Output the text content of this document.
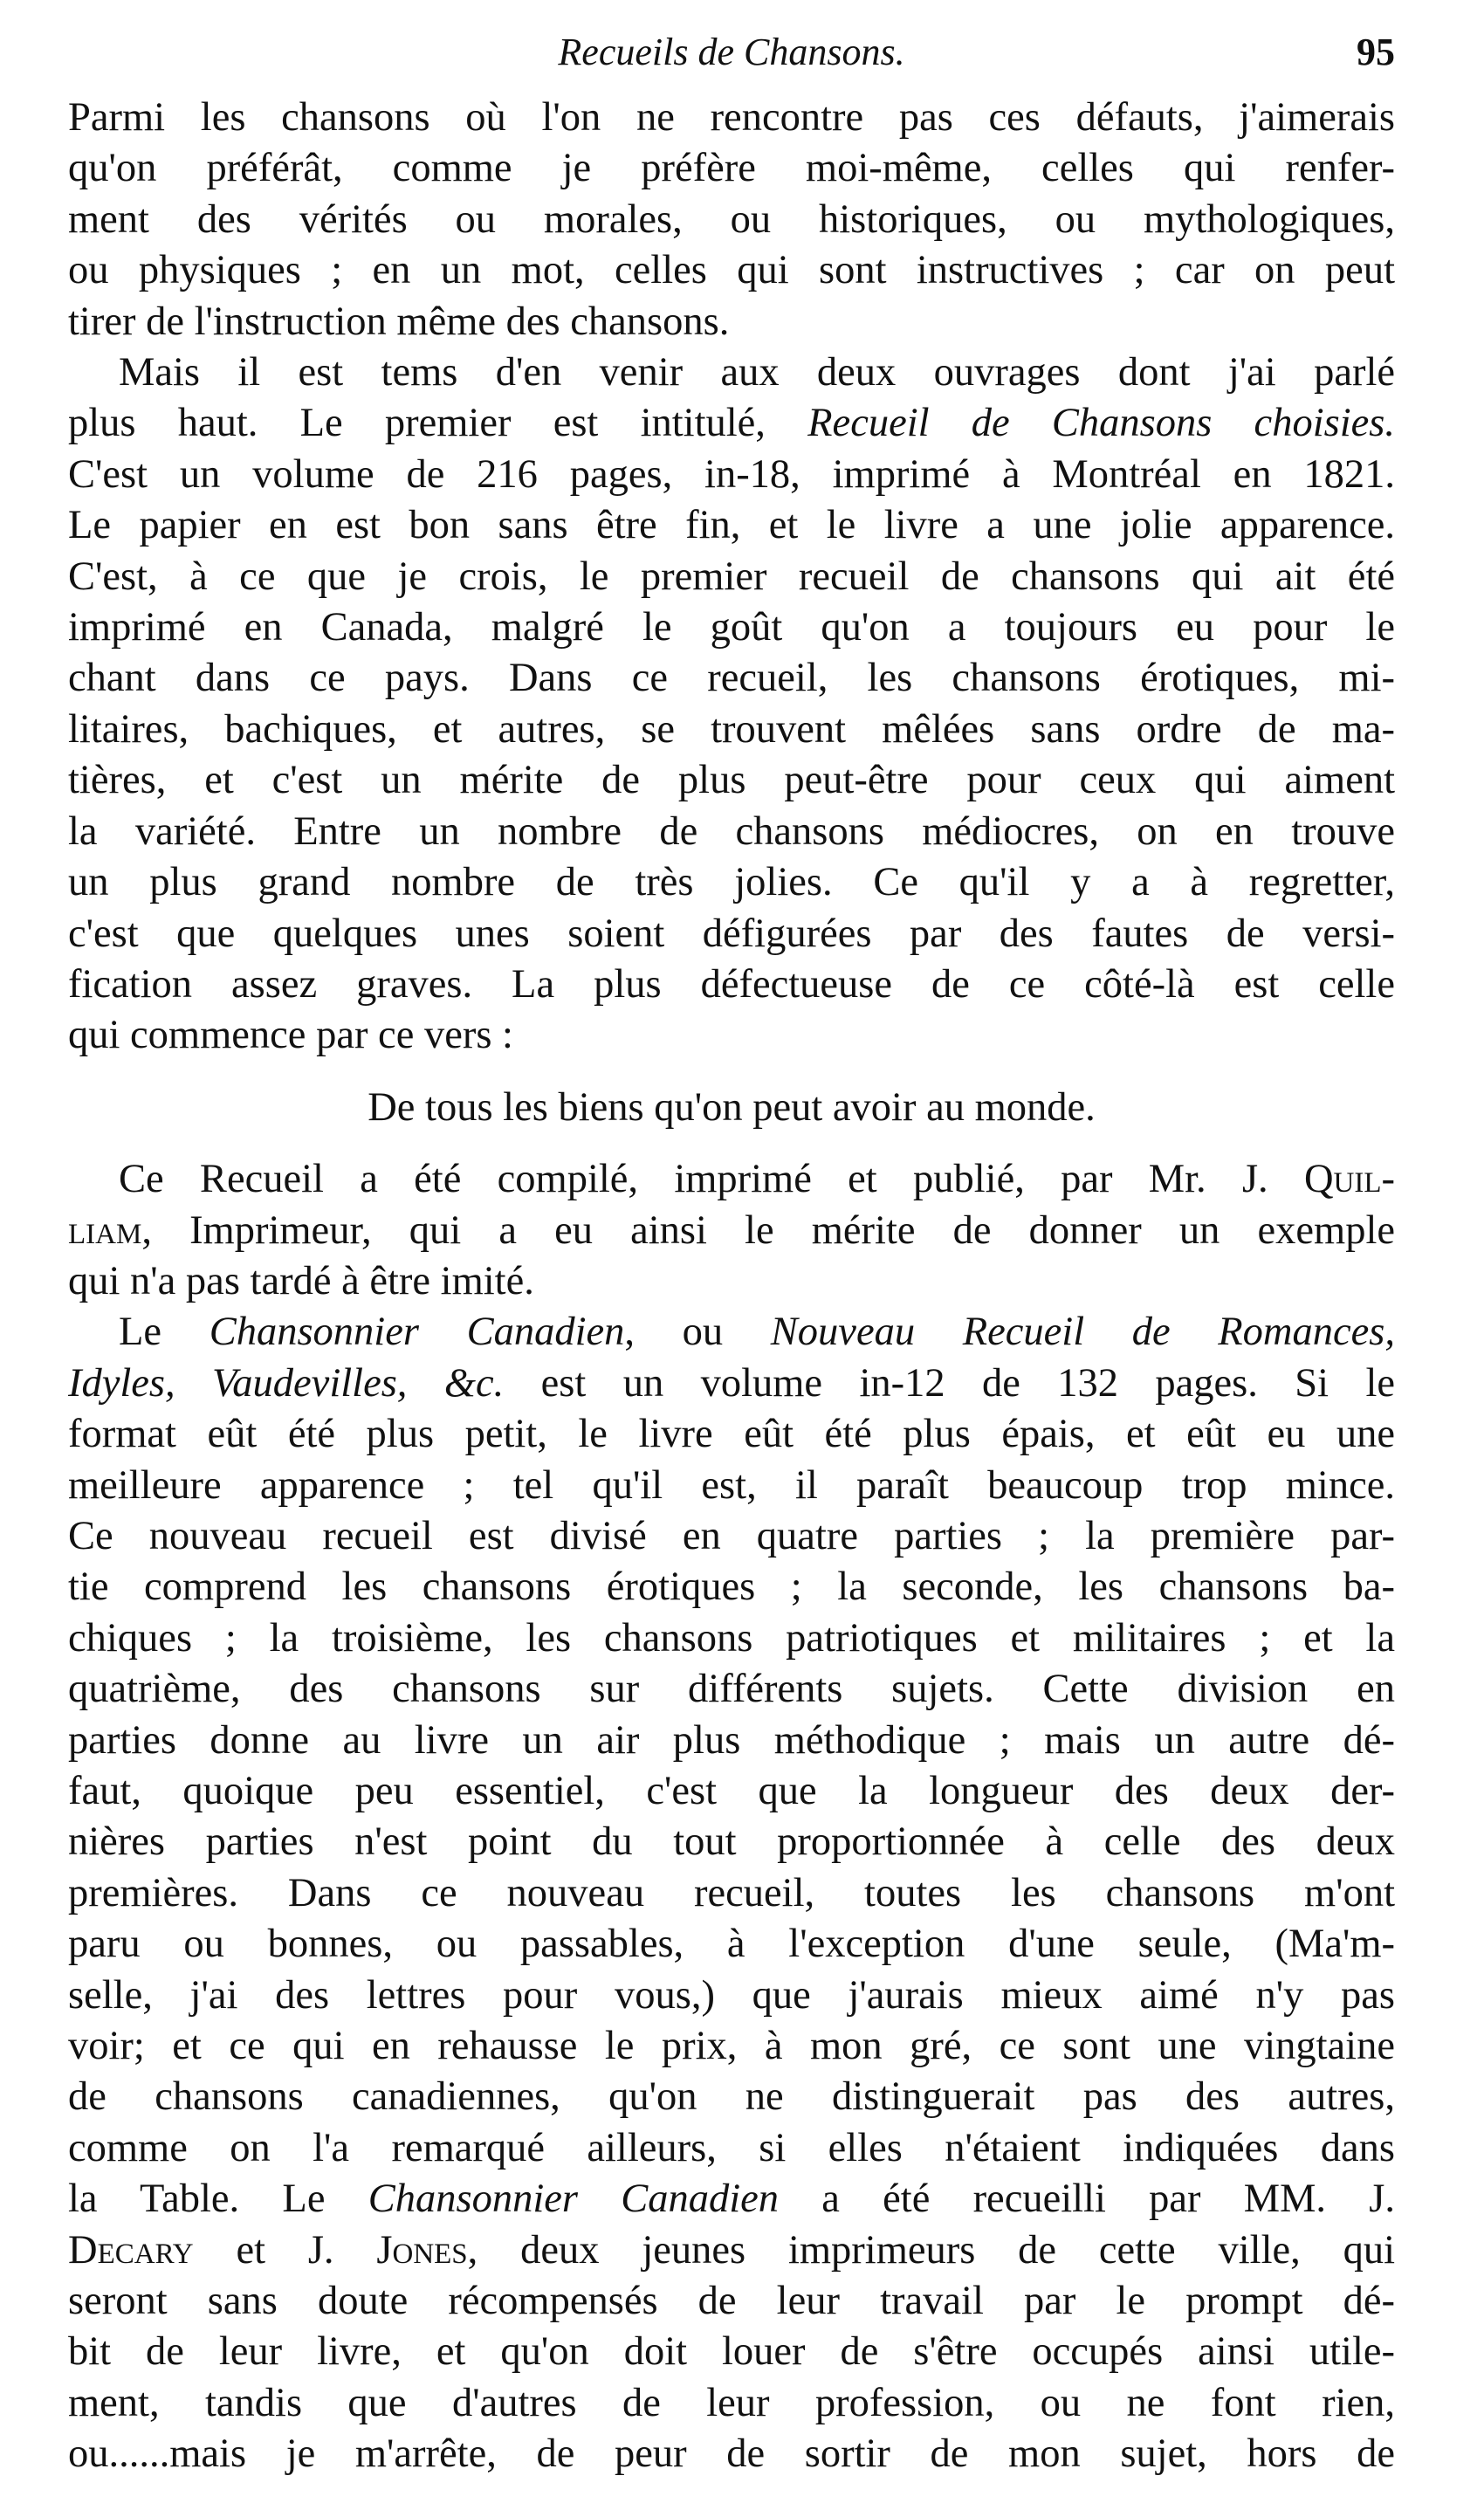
Recueils de Chansons.	95
Parmi les chansons où l'on ne rencontre pas ces défauts, j'aimerais
qu'on préférât, comme je préfère moi-même, celles qui renfer-
ment des vérités ou morales, ou historiques, ou mythologiques,
ou physiques ; en un mot, celles qui sont instructives ; car on peut
tirer de l'instruction même des chansons.
Mais il est tems d'en venir aux deux ouvrages dont j'ai parlé
plus haut. Le premier est intitulé, Recueil de Chansons choisies.
C'est un volume de 216 pages, in-18, imprimé à Montréal en 1821.
Le papier en est bon sans être fin, et le livre a une jolie apparence.
C'est, à ce que je crois, le premier recueil de chansons qui ait été
imprimé en Canada, malgré le goût qu'on a toujours eu pour le
chant dans ce pays. Dans ce recueil, les chansons érotiques, mi-
litaires, bachiques, et autres, se trouvent mêlées sans ordre de ma-
tières, et c'est un mérite de plus peut-être pour ceux qui aiment
la variété. Entre un nombre de chansons médiocres, on en trouve
un plus grand nombre de très jolies. Ce qu'il y a à regretter,
c'est que quelques unes soient défigurées par des fautes de versi-
fication assez graves. La plus défectueuse de ce côté-là est celle
qui commence par ce vers :
De tous les biens qu'on peut avoir au monde.
Ce Recueil a été compilé, imprimé et publié, par Mr. J. Quil-
liam, Imprimeur, qui a eu ainsi le mérite de donner un exemple
qui n'a pas tardé à être imité.
Le Chansonnier Canadien, ou Nouveau Recueil de Romances,
Idyles, Vaudevilles, &c. est un volume in-12 de 132 pages. Si le
format eût été plus petit, le livre eût été plus épais, et eût eu une
meilleure apparence ; tel qu'il est, il paraît beaucoup trop mince.
Ce nouveau recueil est divisé en quatre parties ; la première par-
tie comprend les chansons érotiques ; la seconde, les chansons ba-
chiques ; la troisième, les chansons patriotiques et militaires ; et la
quatrième, des chansons sur différents sujets. Cette division en
parties donne au livre un air plus méthodique ; mais un autre dé-
faut, quoique peu essentiel, c'est que la longueur des deux der-
nières parties n'est point du tout proportionnée à celle des deux
premières. Dans ce nouveau recueil, toutes les chansons m'ont
paru ou bonnes, ou passables, à l'exception d'une seule, (Ma'm-
selle, j'ai des lettres pour vous,) que j'aurais mieux aimé n'y pas
voir; et ce qui en rehausse le prix, à mon gré, ce sont une vingtaine
de chansons canadiennes, qu'on ne distinguerait pas des autres,
comme on l'a remarqué ailleurs, si elles n'étaient indiquées dans
la Table. Le Chansonnier Canadien a été recueilli par MM. J.
Decary et J. Jones, deux jeunes imprimeurs de cette ville, qui
seront sans doute récompensés de leur travail par le prompt dé-
bit de leur livre, et qu'on doit louer de s'être occupés ainsi utile-
ment, tandis que d'autres de leur profession, ou ne font rien,
ou......mais je m'arrête, de peur de sortir de mon sujet, hors de
